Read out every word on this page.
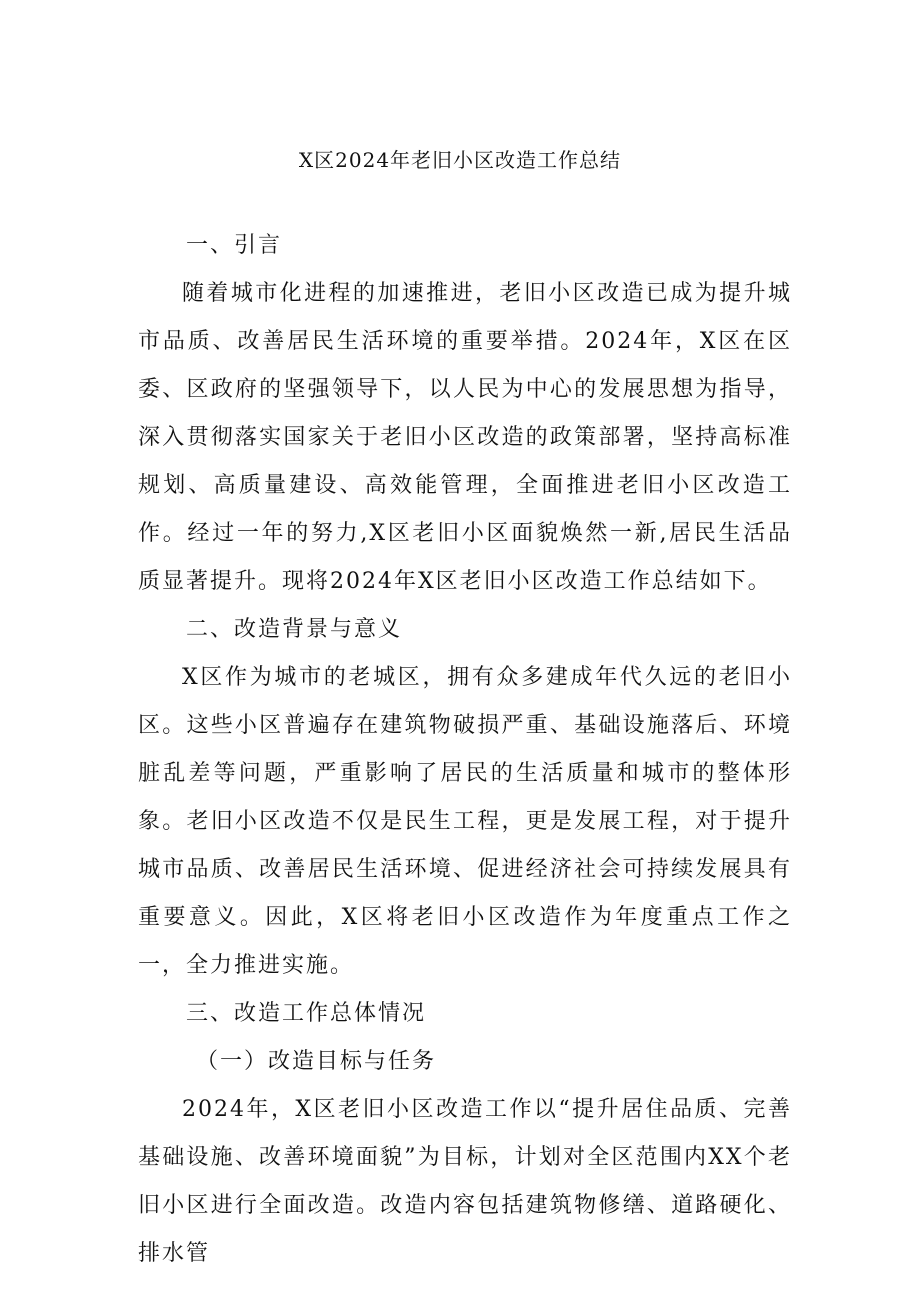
X区2024年老旧小区改造工作总结

一、引言

随着城市化进程的加速推进，老旧小区改造已成为提升城市品质、改善居民生活环境的重要举措。2024年，X区在区委、区政府的坚强领导下，以人民为中心的发展思想为指导，深入贯彻落实国家关于老旧小区改造的政策部署，坚持高标准规划、高质量建设、高效能管理，全面推进老旧小区改造工作。经过一年的努力,X区老旧小区面貌焕然一新,居民生活品质显著提升。现将2024年X区老旧小区改造工作总结如下。

二、改造背景与意义

X区作为城市的老城区，拥有众多建成年代久远的老旧小区。这些小区普遍存在建筑物破损严重、基础设施落后、环境脏乱差等问题，严重影响了居民的生活质量和城市的整体形象。老旧小区改造不仅是民生工程，更是发展工程，对于提升城市品质、改善居民生活环境、促进经济社会可持续发展具有重要意义。因此，X区将老旧小区改造作为年度重点工作之一，全力推进实施。

三、改造工作总体情况

（一）改造目标与任务

2024年，X区老旧小区改造工作以“提升居住品质、完善基础设施、改善环境面貌”为目标，计划对全区范围内XX个老旧小区进行全面改造。改造内容包括建筑物修缮、道路硬化、排水管
